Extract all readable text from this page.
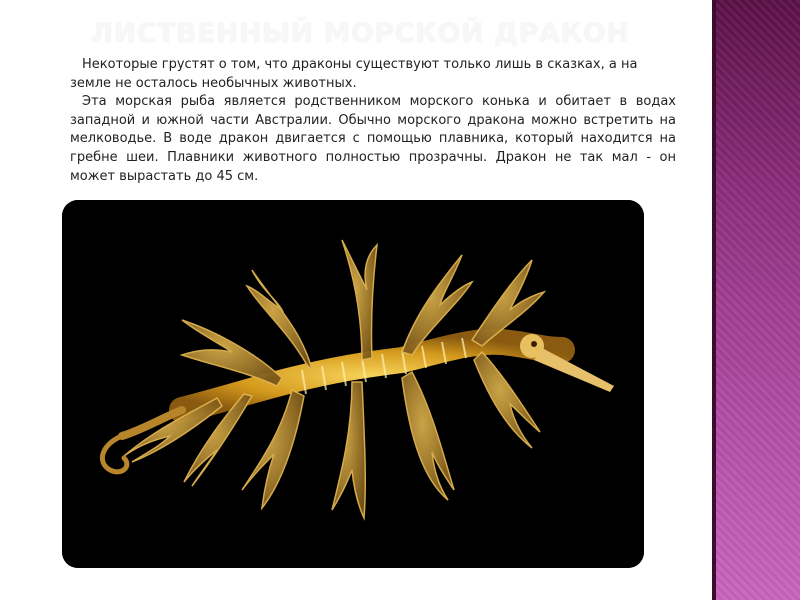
ЛИСТВЕННЫЙ МОРСКОЙ ДРАКОН

Некоторые грустят о том, что драконы существуют только лишь в сказках, а на земле не осталось необычных животных.

Эта морская рыба является родственником морского конька и обитает в водах западной и южной части Австралии. Обычно морского дракона можно встретить на мелководье. В воде дракон двигается с помощью плавника, который находится на гребне шеи. Плавники животного полностью прозрачны. Дракон не так мал - он может вырастать до 45 см.
